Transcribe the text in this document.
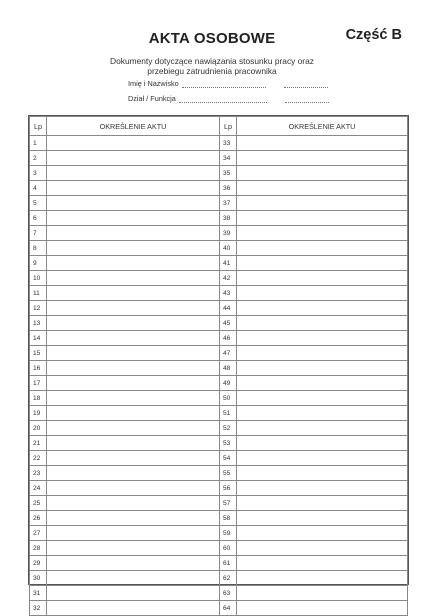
AKTA OSOBOWE	Część B
Dokumenty dotyczące nawiązania stosunku pracy oraz
przebiegu zatrudnienia pracownika
Imię i Nazwisko
Dział / Funkcja
Lp	OKREŚLENIE AKTU	Lp	OKREŚLENIE AKTU
1		33	
2		34	
3		35	
4		36	
5		37	
6		38	
7		39	
8		40	
9		41	
10		42	
11		43	
12		44	
13		45	
14		46	
15		47	
16		48	
17		49	
18		50	
19		51	
20		52	
21		53	
22		54	
23		55	
24		56	
25		57	
26		58	
27		59	
28		60	
29		61	
30		62	
31		63	
32		64	
